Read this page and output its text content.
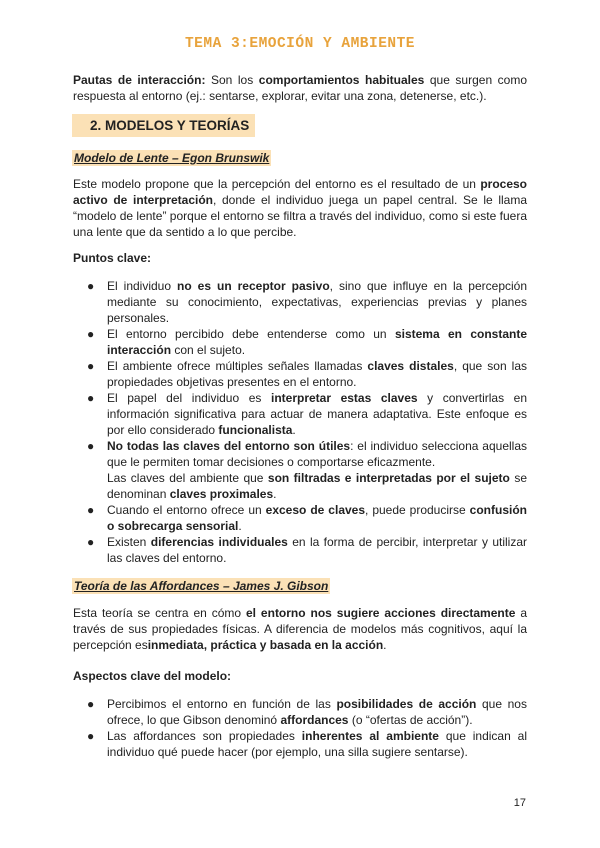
TEMA 3:EMOCIÓN Y AMBIENTE

Pautas de interacción: Son los comportamientos habituales que surgen como respuesta al entorno (ej.: sentarse, explorar, evitar una zona, detenerse, etc.).

2. MODELOS Y TEORÍAS
Modelo de Lente – Egon Brunswik

Este modelo propone que la percepción del entorno es el resultado de un proceso activo de interpretación, donde el individuo juega un papel central. Se le llama “modelo de lente” porque el entorno se filtra a través del individuo, como si este fuera una lente que da sentido a lo que percibe.

Puntos clave:
● El individuo no es un receptor pasivo, sino que influye en la percepción mediante su conocimiento, expectativas, experiencias previas y planes personales.
● El entorno percibido debe entenderse como un sistema en constante interacción con el sujeto.
● El ambiente ofrece múltiples señales llamadas claves distales, que son las propiedades objetivas presentes en el entorno.
● El papel del individuo es interpretar estas claves y convertirlas en información significativa para actuar de manera adaptativa. Este enfoque es por ello considerado funcionalista.
● No todas las claves del entorno son útiles: el individuo selecciona aquellas que le permiten tomar decisiones o comportarse eficazmente.
Las claves del ambiente que son filtradas e interpretadas por el sujeto se denominan claves proximales.
● Cuando el entorno ofrece un exceso de claves, puede producirse confusión o sobrecarga sensorial.
● Existen diferencias individuales en la forma de percibir, interpretar y utilizar las claves del entorno.
Teoría de las Affordances – James J. Gibson

Esta teoría se centra en cómo el entorno nos sugiere acciones directamente a través de sus propiedades físicas. A diferencia de modelos más cognitivos, aquí la percepción esinmediata, práctica y basada en la acción.

Aspectos clave del modelo:
● Percibimos el entorno en función de las posibilidades de acción que nos ofrece, lo que Gibson denominó affordances (o “ofertas de acción”).
● Las affordances son propiedades inherentes al ambiente que indican al individuo qué puede hacer (por ejemplo, una silla sugiere sentarse).
17
